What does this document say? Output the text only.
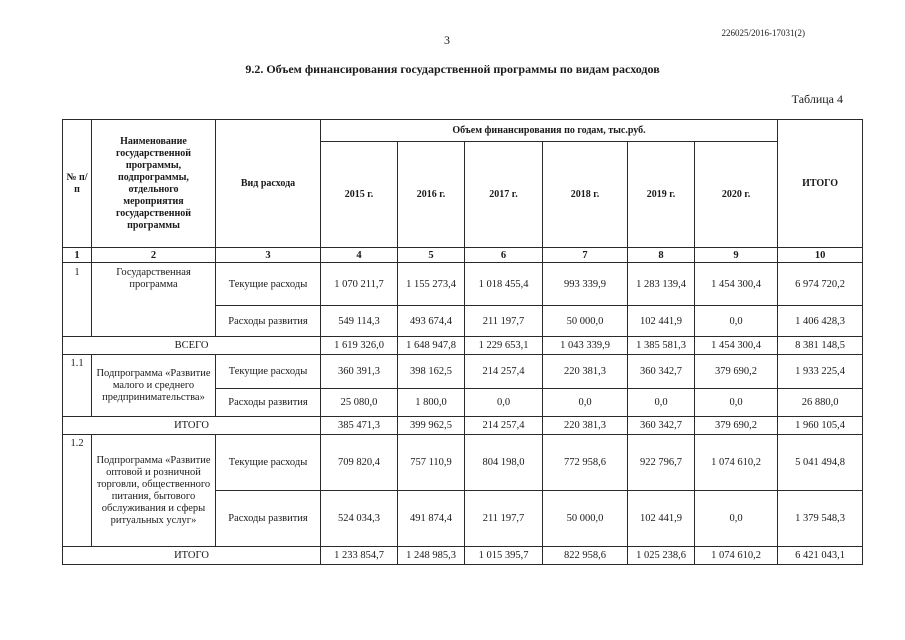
3	226025/2016-17031(2)
9.2. Объем финансирования государственной программы по видам расходов
Таблица 4
№ п/п	Наименование государственной программы, подпрограммы, отдельного мероприятия государственной программы	Вид расхода	Объем финансирования по годам, тыс.руб.						ИТОГО
			2015 г.	2016 г.	2017 г.	2018 г.	2019 г.	2020 г.	
1	2	3	4	5	6	7	8	9	10
1	Государственная программа	Текущие расходы	1 070 211,7	1 155 273,4	1 018 455,4	993 339,9	1 283 139,4	1 454 300,4	6 974 720,2
		Расходы развития	549 114,3	493 674,4	211 197,7	50 000,0	102 441,9	0,0	1 406 428,3
ВСЕГО			1 619 326,0	1 648 947,8	1 229 653,1	1 043 339,9	1 385 581,3	1 454 300,4	8 381 148,5
1.1	Подпрограмма «Развитие малого и среднего предпринимательства»	Текущие расходы	360 391,3	398 162,5	214 257,4	220 381,3	360 342,7	379 690,2	1 933 225,4
		Расходы развития	25 080,0	1 800,0	0,0	0,0	0,0	0,0	26 880,0
ИТОГО			385 471,3	399 962,5	214 257,4	220 381,3	360 342,7	379 690,2	1 960 105,4
1.2	Подпрограмма «Развитие оптовой и розничной торговли, общественного питания, бытового обслуживания и сферы ритуальных услуг»	Текущие расходы	709 820,4	757 110,9	804 198,0	772 958,6	922 796,7	1 074 610,2	5 041 494,8
		Расходы развития	524 034,3	491 874,4	211 197,7	50 000,0	102 441,9	0,0	1 379 548,3
ИТОГО			1 233 854,7	1 248 985,3	1 015 395,7	822 958,6	1 025 238,6	1 074 610,2	6 421 043,1
